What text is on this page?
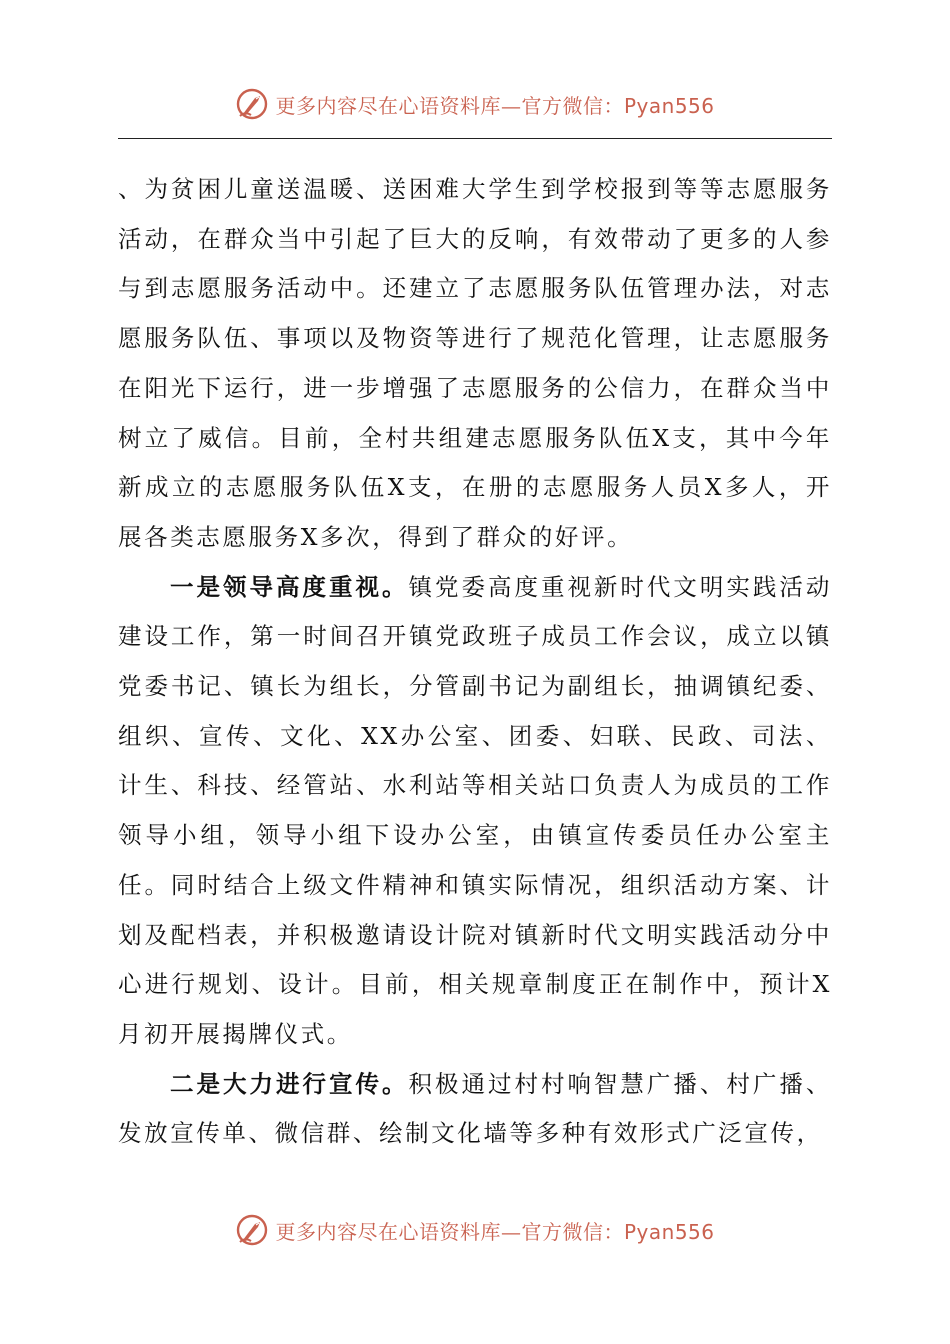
更多内容尽在心语资料库—官方微信：Pyan556

、为贫困儿童送温暖、送困难大学生到学校报到等等志愿服务活动，在群众当中引起了巨大的反响，有效带动了更多的人参与到志愿服务活动中。还建立了志愿服务队伍管理办法，对志愿服务队伍、事项以及物资等进行了规范化管理，让志愿服务在阳光下运行，进一步增强了志愿服务的公信力，在群众当中树立了威信。目前，全村共组建志愿服务队伍X支，其中今年新成立的志愿服务队伍X支，在册的志愿服务人员X多人，开展各类志愿服务X多次，得到了群众的好评。

一是领导高度重视。镇党委高度重视新时代文明实践活动建设工作，第一时间召开镇党政班子成员工作会议，成立以镇党委书记、镇长为组长，分管副书记为副组长，抽调镇纪委、组织、宣传、文化、XX办公室、团委、妇联、民政、司法、计生、科技、经管站、水利站等相关站口负责人为成员的工作领导小组，领导小组下设办公室，由镇宣传委员任办公室主任。同时结合上级文件精神和镇实际情况，组织活动方案、计划及配档表，并积极邀请设计院对镇新时代文明实践活动分中心进行规划、设计。目前，相关规章制度正在制作中，预计X月初开展揭牌仪式。

二是大力进行宣传。积极通过村村响智慧广播、村广播、发放宣传单、微信群、绘制文化墙等多种有效形式广泛宣传，

更多内容尽在心语资料库—官方微信：Pyan556
